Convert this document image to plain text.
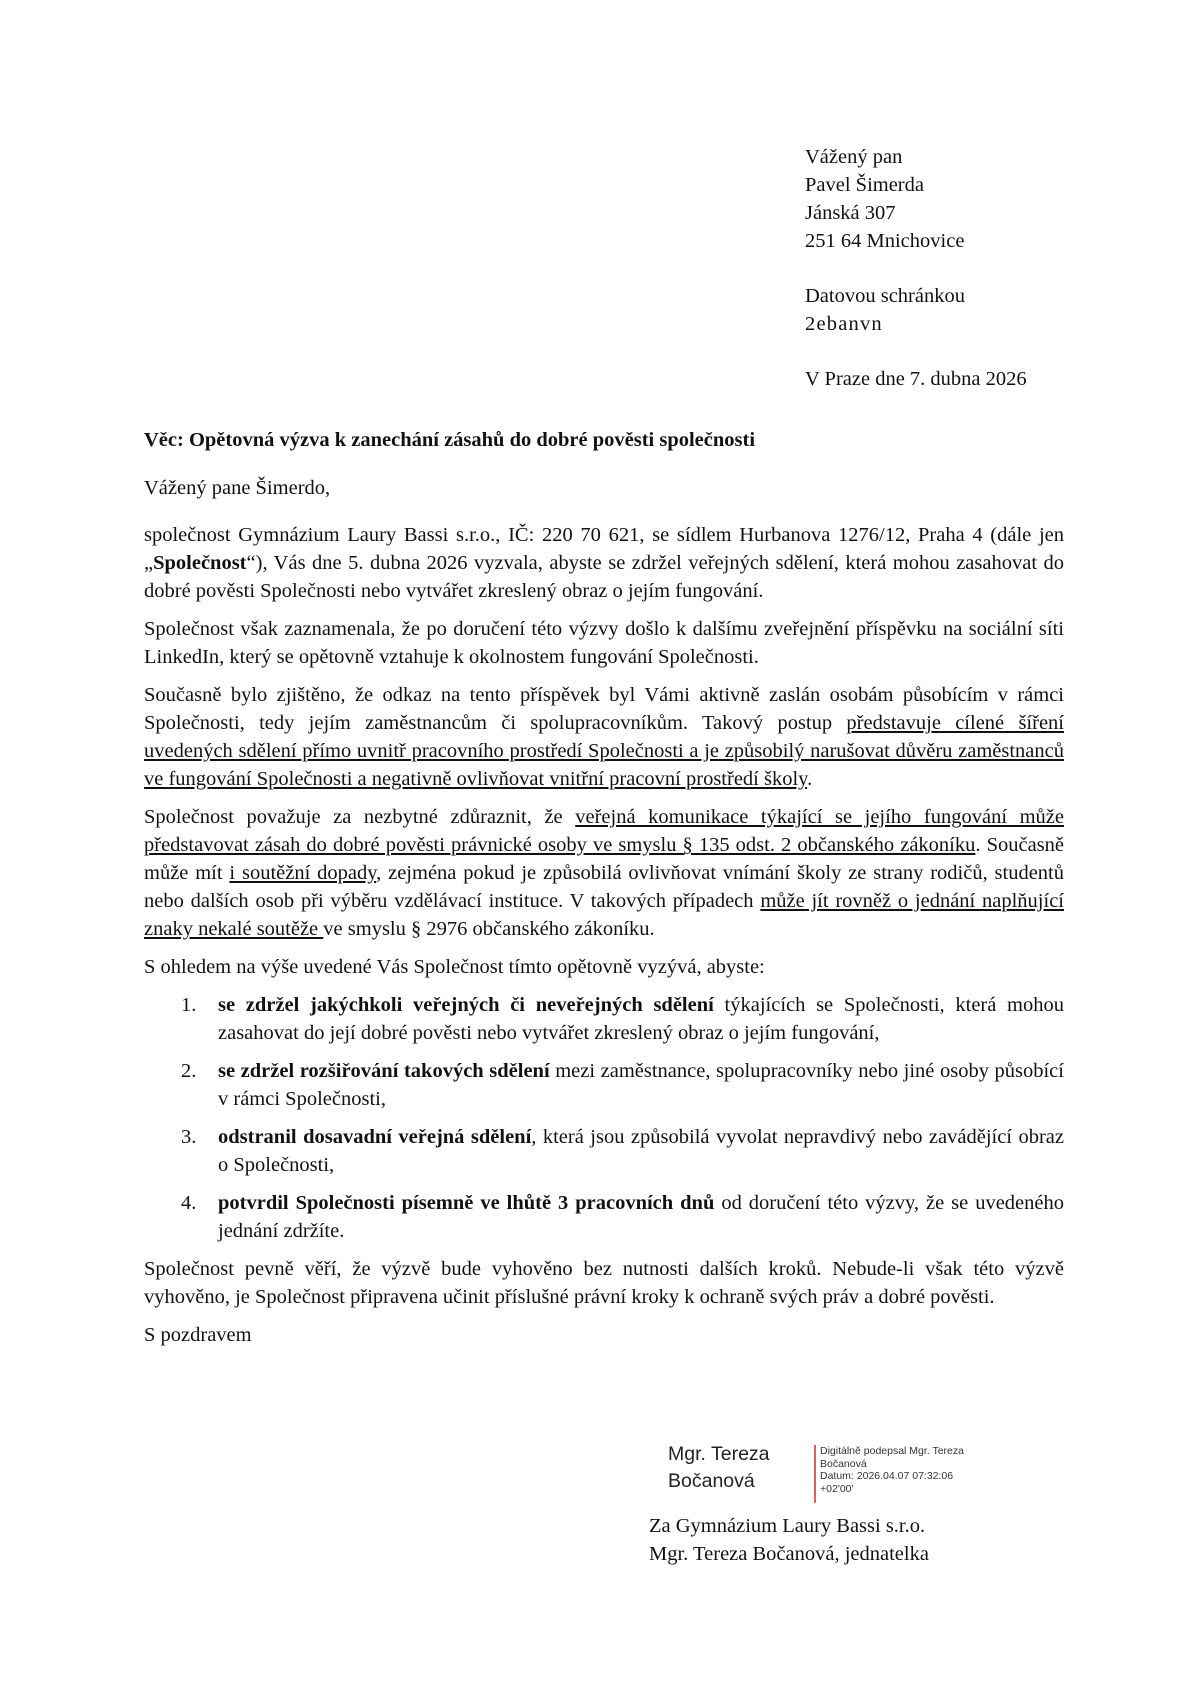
Vážený pan
Pavel Šimerda
Jánská 307
251 64 Mnichovice
Datovou schránkou
2ebanvn
V Praze dne 7. dubna 2026
Věc: Opětovná výzva k zanechání zásahů do dobré pověsti společnosti
Vážený pane Šimerdo,

společnost Gymnázium Laury Bassi s.r.o., IČ: 220 70 621, se sídlem Hurbanova 1276/12, Praha 4 (dále jen „Společnost“), Vás dne 5. dubna 2026 vyzvala, abyste se zdržel veřejných sdělení, která mohou zasahovat do dobré pověsti Společnosti nebo vytvářet zkreslený obraz o jejím fungování.

Společnost však zaznamenala, že po doručení této výzvy došlo k dalšímu zveřejnění příspěvku na sociální síti LinkedIn, který se opětovně vztahuje k okolnostem fungování Společnosti.

Současně bylo zjištěno, že odkaz na tento příspěvek byl Vámi aktivně zaslán osobám působícím v rámci Společnosti, tedy jejím zaměstnancům či spolupracovníkům. Takový postup představuje cílené šíření uvedených sdělení přímo uvnitř pracovního prostředí Společnosti a je způsobilý narušovat důvěru zaměstnanců ve fungování Společnosti a negativně ovlivňovat vnitřní pracovní prostředí školy.

Společnost považuje za nezbytné zdůraznit, že veřejná komunikace týkající se jejího fungování může představovat zásah do dobré pověsti právnické osoby ve smyslu § 135 odst. 2 občanského zákoníku. Současně může mít i soutěžní dopady, zejména pokud je způsobilá ovlivňovat vnímání školy ze strany rodičů, studentů nebo dalších osob při výběru vzdělávací instituce. V takových případech může jít rovněž o jednání naplňující znaky nekalé soutěže ve smyslu § 2976 občanského zákoníku.

S ohledem na výše uvedené Vás Společnost tímto opětovně vyzývá, abyste:

1. se zdržel jakýchkoli veřejných či neveřejných sdělení týkajících se Společnosti, která mohou zasahovat do její dobré pověsti nebo vytvářet zkreslený obraz o jejím fungování,
2. se zdržel rozšiřování takových sdělení mezi zaměstnance, spolupracovníky nebo jiné osoby působící v rámci Společnosti,
3. odstranil dosavadní veřejná sdělení, která jsou způsobilá vyvolat nepravdivý nebo zavádějící obraz o Společnosti,
4. potvrdil Společnosti písemně ve lhůtě 3 pracovních dnů od doručení této výzvy, že se uvedeného jednání zdržíte.

Společnost pevně věří, že výzvě bude vyhověno bez nutnosti dalších kroků. Nebude-li však této výzvě vyhověno, je Společnost připravena učinit příslušné právní kroky k ochraně svých práv a dobré pověsti.

S pozdravem
Mgr. Tereza
Bočanová
Digitálně podepsal Mgr. Tereza
Bočanová
Datum: 2026.04.07 07:32:06
+02'00'
Za Gymnázium Laury Bassi s.r.o.
Mgr. Tereza Bočanová, jednatelka
